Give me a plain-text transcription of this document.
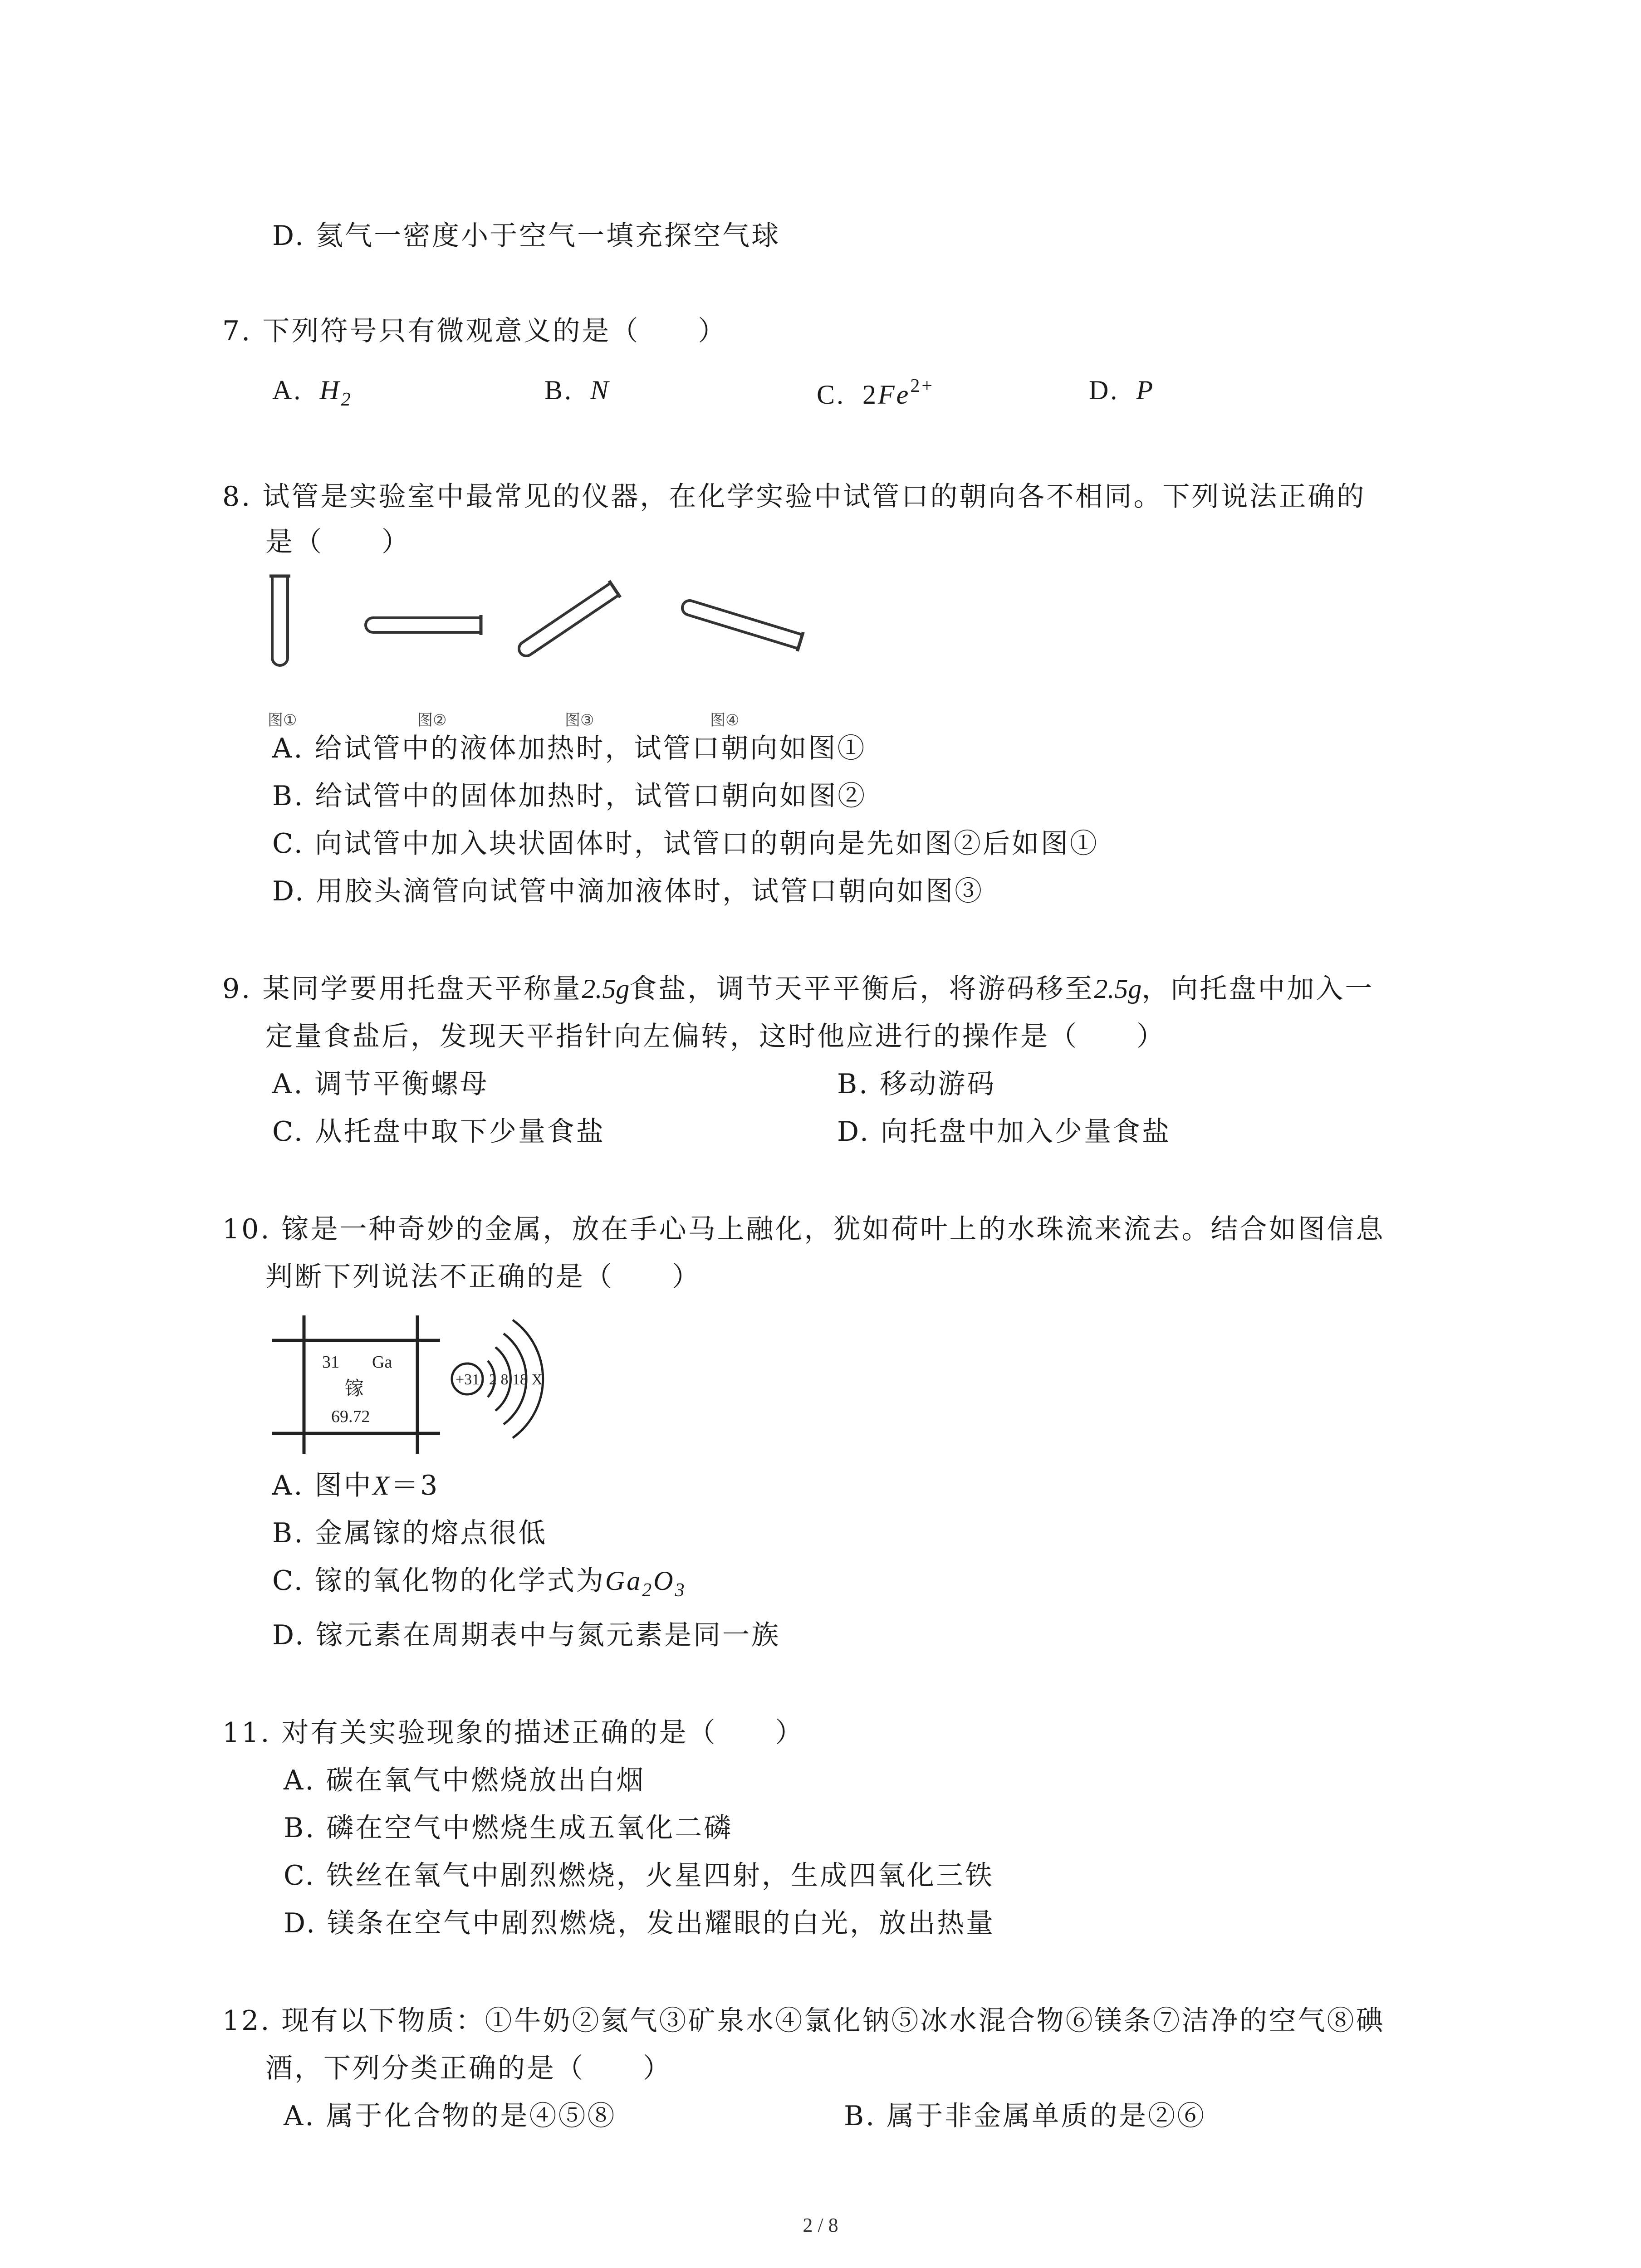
D. 氦气一密度小于空气一填充探空气球
7. 下列符号只有微观意义的是（　　）
A. $H_2$	B. N	C. $2Fe^{2+}$	D. P
8. 试管是实验室中最常见的仪器，在化学实验中试管口的朝向各不相同。下列说法正确的
是（　　）
图①	图②	图③	图④
A. 给试管中的液体加热时，试管口朝向如图①
B. 给试管中的固体加热时，试管口朝向如图②
C. 向试管中加入块状固体时，试管口的朝向是先如图②后如图①
D. 用胶头滴管向试管中滴加液体时，试管口朝向如图③
9. 某同学要用托盘天平称量2.5g食盐，调节天平平衡后，将游码移至2.5g，向托盘中加入一
定量食盐后，发现天平指针向左偏转，这时他应进行的操作是（　　）
A. 调节平衡螺母	B. 移动游码
C. 从托盘中取下少量食盐	D. 向托盘中加入少量食盐
10. 镓是一种奇妙的金属，放在手心马上融化，犹如荷叶上的水珠流来流去。结合如图信息
判断下列说法不正确的是（　　）
31 Ga
镓
69.72
+31 2 8 18 X
A. 图中X＝3
B. 金属镓的熔点很低
C. 镓的氧化物的化学式为$Ga_2O_3$
D. 镓元素在周期表中与氮元素是同一族
11. 对有关实验现象的描述正确的是（　　）
A. 碳在氧气中燃烧放出白烟
B. 磷在空气中燃烧生成五氧化二磷
C. 铁丝在氧气中剧烈燃烧，火星四射，生成四氧化三铁
D. 镁条在空气中剧烈燃烧，发出耀眼的白光，放出热量
12. 现有以下物质：①牛奶②氦气③矿泉水④氯化钠⑤冰水混合物⑥镁条⑦洁净的空气⑧碘
酒，下列分类正确的是（　　）
A. 属于化合物的是④⑤⑧	B. 属于非金属单质的是②⑥
2 / 8
